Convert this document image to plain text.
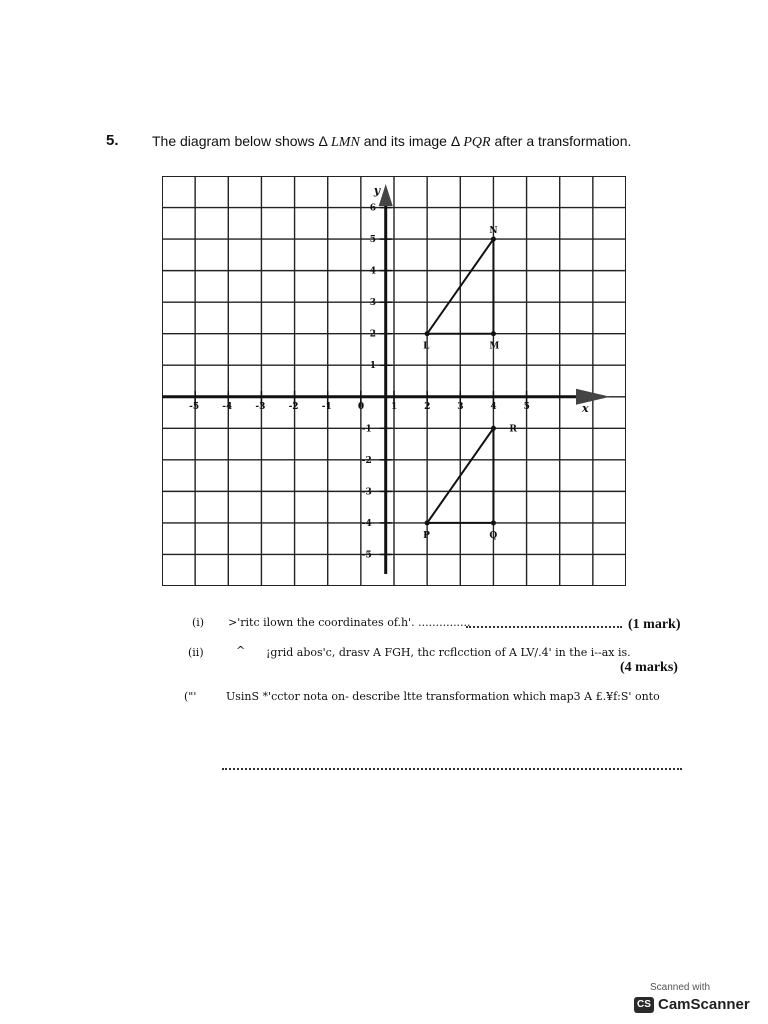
5. The diagram below shows Δ LMN and its image Δ PQR after a transformation.
x
y
-5	-4	-3	-2	-1	0	1	2	3	4	5
6
5
4
3
2
1
-1
-2
-3
-4
-5
L	M
N
P	Q
R
(i) >'ritc ilown the coordinates of.h'. ...............	(1 mark)
(ii)	^ ¡grid abos'c, drasv A FGH, thc rcflcction of A LV/.4' in the i--ax is.
(4 marks)
("'	UsinS *'cctor nota on- describe ltte transformation which map3 A £.¥f:S' onto
Scanned with
CS CamScanner
